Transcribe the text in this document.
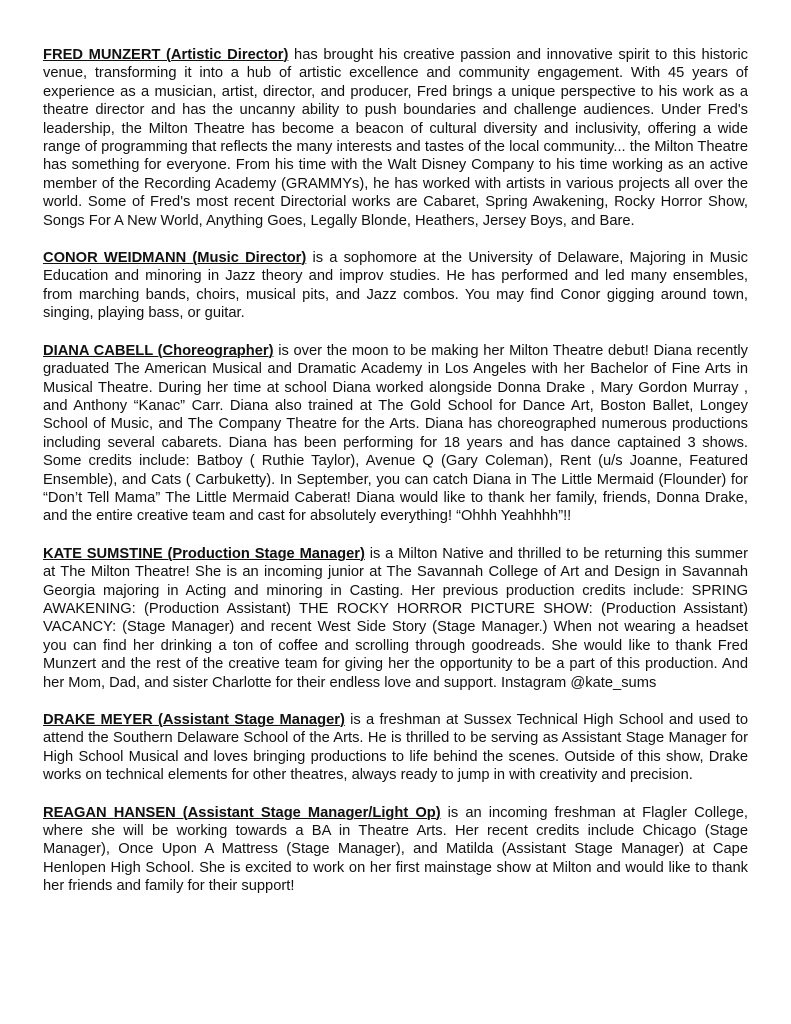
FRED MUNZERT (Artistic Director) has brought his creative passion and innovative spirit to this historic venue, transforming it into a hub of artistic excellence and community engagement. With 45 years of experience as a musician, artist, director, and producer, Fred brings a unique perspective to his work as a theatre director and has the uncanny ability to push boundaries and challenge audiences. Under Fred's leadership, the Milton Theatre has become a beacon of cultural diversity and inclusivity, offering a wide range of programming that reflects the many interests and tastes of the local community... the Milton Theatre has something for everyone. From his time with the Walt Disney Company to his time working as an active member of the Recording Academy (GRAMMYs), he has worked with artists in various projects all over the world. Some of Fred's most recent Directorial works are Cabaret, Spring Awakening, Rocky Horror Show, Songs For A New World, Anything Goes, Legally Blonde, Heathers, Jersey Boys, and Bare.

CONOR WEIDMANN (Music Director) is a sophomore at the University of Delaware, Majoring in Music Education and minoring in Jazz theory and improv studies. He has performed and led many ensembles, from marching bands, choirs, musical pits, and Jazz combos. You may find Conor gigging around town, singing, playing bass, or guitar.

DIANA CABELL (Choreographer) is over the moon to be making her Milton Theatre debut! Diana recently graduated The American Musical and Dramatic Academy in Los Angeles with her Bachelor of Fine Arts in Musical Theatre. During her time at school Diana worked alongside Donna Drake , Mary Gordon Murray , and Anthony “Kanac” Carr. Diana also trained at The Gold School for Dance Art, Boston Ballet, Longey School of Music, and The Company Theatre for the Arts. Diana has choreographed numerous productions including several cabarets. Diana has been performing for 18 years and has dance captained 3 shows. Some credits include: Batboy ( Ruthie Taylor), Avenue Q (Gary Coleman), Rent (u/s Joanne, Featured Ensemble), and Cats ( Carbuketty). In September, you can catch Diana in The Little Mermaid (Flounder) for “Don’t Tell Mama” The Little Mermaid Caberat! Diana would like to thank her family, friends, Donna Drake, and the entire creative team and cast for absolutely everything! “Ohhh Yeahhhh”!!

KATE SUMSTINE (Production Stage Manager) is a Milton Native and thrilled to be returning this summer at The Milton Theatre! She is an incoming junior at The Savannah College of Art and Design in Savannah Georgia majoring in Acting and minoring in Casting. Her previous production credits include: SPRING AWAKENING: (Production Assistant) THE ROCKY HORROR PICTURE SHOW: (Production Assistant) VACANCY: (Stage Manager) and recent West Side Story (Stage Manager.) When not wearing a headset you can find her drinking a ton of coffee and scrolling through goodreads. She would like to thank Fred Munzert and the rest of the creative team for giving her the opportunity to be a part of this production. And her Mom, Dad, and sister Charlotte for their endless love and support. Instagram @kate_sums

DRAKE MEYER (Assistant Stage Manager) is a freshman at Sussex Technical High School and used to attend the Southern Delaware School of the Arts. He is thrilled to be serving as Assistant Stage Manager for High School Musical and loves bringing productions to life behind the scenes. Outside of this show, Drake works on technical elements for other theatres, always ready to jump in with creativity and precision.

REAGAN HANSEN (Assistant Stage Manager/Light Op) is an incoming freshman at Flagler College, where she will be working towards a BA in Theatre Arts. Her recent credits include Chicago (Stage Manager), Once Upon A Mattress (Stage Manager), and Matilda (Assistant Stage Manager) at Cape Henlopen High School. She is excited to work on her first mainstage show at Milton and would like to thank her friends and family for their support!
